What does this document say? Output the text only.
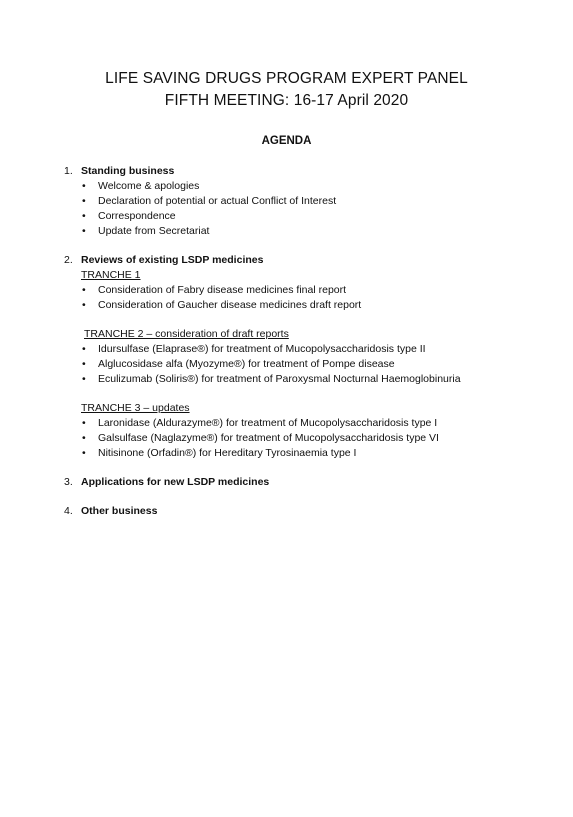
LIFE SAVING DRUGS PROGRAM EXPERT PANEL
FIFTH MEETING: 16-17 April 2020
AGENDA
1. Standing business
• Welcome & apologies
• Declaration of potential or actual Conflict of Interest
• Correspondence
• Update from Secretariat
2. Reviews of existing LSDP medicines
TRANCHE 1
• Consideration of Fabry disease medicines final report
• Consideration of Gaucher disease medicines draft report
TRANCHE 2 – consideration of draft reports
• Idursulfase (Elaprase®) for treatment of Mucopolysaccharidosis type II
• Alglucosidase alfa (Myozyme®) for treatment of Pompe disease
• Eculizumab (Soliris®) for treatment of Paroxysmal Nocturnal Haemoglobinuria
TRANCHE 3 – updates
• Laronidase (Aldurazyme®) for treatment of Mucopolysaccharidosis type I
• Galsulfase (Naglazyme®) for treatment of Mucopolysaccharidosis type VI
• Nitisinone (Orfadin®) for Hereditary Tyrosinaemia type I
3. Applications for new LSDP medicines
4. Other business
